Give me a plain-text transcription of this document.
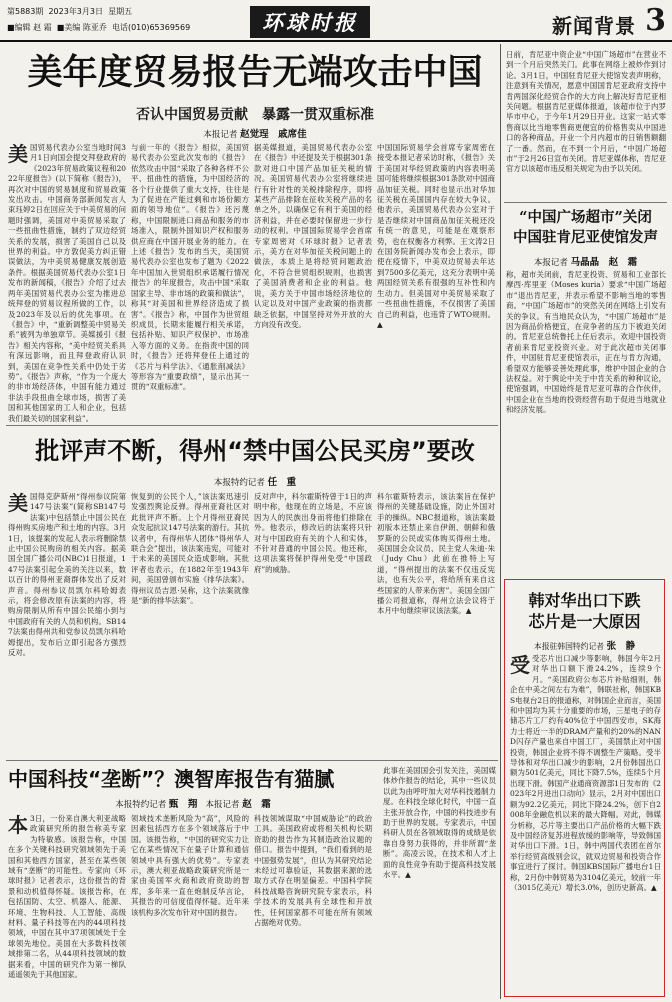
第5883期 2023年3月3日 星期五
■编辑 赵 霜 ■美编 陈亚乔 电话(010)65369569	环球时报	新闻背景 3
美年度贸易报告无端攻击中国
否认中国贸易贡献　暴露一贯双重标准
本报记者 赵觉珵　戚席佳
美国贸易代表办公室当地时间3月1日向国会提交拜登政府的《2023年贸易政策议程和2022年度报告》(以下简称《报告》)，再次对中国的贸易制度和贸易政策发出攻击。中国商务部新闻发言人束珏婷2日在回应关于中美贸易的问题时强调，美国对中美贸易采取了一些扭曲性措施，制约了双边经贸关系的发展，损害了美国自己以及世界的利益。中方敦促美方纠正错误做法，为中美贸易健康发展创造条件。根据美国贸易代表办公室1日发布的新闻稿，《报告》介绍了过去两年美国贸易代表办公室为推进总统拜登的贸易议程所做的工作，以及2023年及以后的优先事项。在《报告》中，“重新调整美中贸易关系”被列为单独章节。美媒援引《报告》相关内容称，“美中经贸关系具有深远影响，而且拜登政府认识到，美国在竞争性关系中仍处于劣势”。《报告》声称，“作为一个庞大的非市场经济体，中国有能力通过非法手段扭曲全球市场，损害了美国和其他国家的工人和企业，包括我们最关切的国家利益”。
与前一年的《报告》相似，美国贸易代表办公室此次发布的《报告》依然攻击中国“采取了各种各样不公平、扭曲性的措施，为中国经济的各个行业提供了重大支持，往往是为了促进在产能过剩和市场份额方面的领导地位”。《报告》还污蔑称，中国限制进口商品和服务的市场准入，限制外国知识产权和服务供应商在中国开展业务的能力。在上述《报告》发布的当天，美国贸易代表办公室也发布了题为《2022年中国加入世贸组织承诺履行情况报告》的年度报告，攻击中国“采取国家主导、非市场的政策和做法”，称其“对美国和世界经济造成了损害”。《报告》称，中国作为世贸组织成员，长期未能履行相关承诺，包括补贴、知识产权保护、市场准入等方面的义务。在指责中国的同时，《报告》还将拜登任上通过的《芯片与科学法》、《通胀削减法》等形容为“重要政绩”，显示出其一贯的“双重标准”。
据美媒报道，美国贸易代表办公室在《报告》中还提及关于根据301条款对进口中国产品加征关税的情况。美国贸易代表办公室将继续进行有针对性的关税排除程序，即将某些产品排除在征收关税产品的名单之外，以确保它有利于美国的经济利益，并在必要时保留进一步行动的权利。中国国际贸易学会首席专家周密对《环球时报》记者表示，美方在对华加征关税问题上的做法，本质上是将经贸问题政治化，不符合世贸组织规则，也损害了美国消费者和企业的利益。他说，美方关于中国市场经济地位的认定以及对中国产业政策的指责都缺乏依据，中国坚持对外开放的大方向没有改变。
中国国际贸易学会首席专家周密在接受本报记者采访时称，《报告》关于美国对华经贸政策的内容表明美国可能将继续根据301条款对中国商品加征关税。同时也显示出对华加征关税在美国国内存在较大争议。他表示，美国贸易代表办公室对于是否继续对中国商品加征关税还没有统一的意见，可能是在观察形势，也在权衡各方利弊。王文涛2日在国务院新闻办发布会上表示，即使在疫情下，中美双边贸易去年达到7500多亿美元，这充分表明中美两国经贸关系有很强的互补性和内生动力。但美国对中美贸易采取了一些扭曲性措施，不仅损害了美国自己的利益，也违背了WTO规则。▲
批评声不断，得州“禁中国公民买房”要改
本报特约记者 任　重
美国得克萨斯州“得州参议院第147号法案”(简称SB147号法案)中包括禁止中国公民在得州购买房地产和土地的内容。3月1日，该提案的发起人表示将删除禁止中国公民购房的相关内容。据美国全国广播公司(NBC)1日报道，147号法案引起全美的关注以来，数以百计的得州亚裔群体发出了反对声音。得州参议员凯尔科哈姆表示，将会修改原有法案的内容，将购房限制从所有中国公民缩小到与中国政府有关的人员和机构。SB147法案由得州共和党参议员凯尔科哈姆提出，发布后立即引起各方强烈反对。
恢复到的公民个人，”该法案迅速引发强烈舆论反弹。得州亚裔社区对此批评声不断。上个月得州亚裔民众发起抗议147号法案的游行。其抗议者中，有得州华人团体“得州华人联合会”提出，该法案违宪，可能对于未来的美国民众造成影响。其批评者也表示，在1882年至1943年间，美国曾颁布实施《排华法案》。得州议员吉恩·吴称，这个法案就像是“新的排华法案”。
反对声中，科尔霍斯特曾于1日的声明中称，他现在的立场是，不应该因为人的民族出身而将他们排除在外。他表示，修改后的法案将只针对与中国政府有关的个人和实体，不针对普通的中国公民。他还称，这项法案将保护得州免受“中国政府”的威胁。
科尔霍斯特表示，该法案旨在保护得州的关键基础设施，防止外国对手的操纵。NBC报道称，该法案最初版本还禁止来自伊朗、朝鲜和俄罗斯的公民或实体购买得州土地。美国国会众议员、民主党人朱迪·朱（Judy Chu）此前在推特上写道，“得州提出的法案不仅违反宪法，也有失公平，将给所有来自这些国家的人带来伤害”。美国全国广播公司报道称，得州立法会议将于本月中旬继续审议该法案。▲
中国科技“垄断”？澳智库报告有猫腻
本报特约记者 甄　翔 本报记者 赵　霜
本 3日，一份来自澳大利亚战略政策研究所的报告称美专家为特敏感。该报告称，中国在多个关键科技研究领域领先于美国和其他西方国家，甚至在某些领域有“垄断”的可能性。专家向《环球时报》记者表示，这份报告的背景和动机值得怀疑。该报告称，在包括国防、太空、机器人、能源、环境、生物科技、人工智能、高级材料、量子科技等在内的44项科技领域，中国在其中37项领域处于全球领先地位。美国在大多数科技领域排第二名，从44项科技领域的数据来看，中国的研究作为第一梯队遥遥领先于其他国家。
领域技术垄断风险为“高”，风险的因素包括西方在多个领域落后于中国。该报告称，“中国的研究实力让它在某些情况下在量子计算和通信领域中具有强大的优势”。专家表示，澳大利亚战略政策研究所是一家由美国军火商和政府资助的智库，多年来一直在炮制反华言论，其报告的可信度值得怀疑。近年来该机构多次发布针对中国的报告。
科技领域谋取“中国威胁论”的政治工具。美国政府或将相关机构长期资助的报告作为其制造政治议题的借口。报告中提到，“我们看到的是中国强势发展”，但认为其研究结论未经过可靠验证，其数据来源的选取方式存在明显偏差。中国科学院科技战略咨询研究院专家表示，科学技术的发展具有全球性和开放性，任何国家都不可能在所有领域占据绝对优势。
此事在美国国会引发关注，美国媒体炒作报告的结论，其中一些议员以此为由呼吁加大对华科技遏制力度。在科技全球化时代，中国一直主张开放合作，中国的科技进步有助于世界的发展。专家表示，中国科研人员在各领域取得的成绩是依靠自身努力获得的，并非所谓“垄断”。高凌云说，在技术和人才上面的良性竞争有助于提高科技发展水平。▲
日前，肯尼亚中资企业“中国广场超市”在营业不到一个月后突然关门。此事在网络上被炒作到讨论。3月1日，中国驻肯尼亚大使馆发表声明称，注意到有关情况，愿意中国国肯尼亚政府支持中肯两国深化经贸合作的大方向上解决好肯尼亚相关问题。根据肯尼亚媒体报道，该超市位于内罗毕市中心，于今年1月29日开业。这家一站式零售商以比当地零售商更便宜的价格售卖从中国进口的各种商品，开业一个月内超市的日销售额翻了一番。然而，在不到一个月后，“中国广场超市”于2月26日宣布关闭。肯尼亚媒体称，肯尼亚官方以该超市违反相关规定为由予以关闭。
“中国广场超市”关闭
中国驻肯尼亚使馆发声
本报记者 马晶晶　赵　霜
称，超市关闭前，肯尼亚投资、贸易和工业部长摩西·库里亚（Moses kuria）要求“中国广场超市”退出肯尼亚，并表示希望不影响当地的零售商。“中国广场超市”的突然关闭在网络上引发有关的争议。有当地民众认为，“中国广场超市”是因为商品价格便宜，在竞争者的压力下被迫关闭的。肯尼亚总统鲁托上任后表示，欢迎中国投资者前来肯尼亚投资兴业。对于此次超市关闭事件，中国驻肯尼亚使馆表示，正在与肯方沟通，希望双方能够妥善处理此事，维护中国企业的合法权益。对于舆论中关于中肯关系的种种议论，使馆强调，中国始终是肯尼亚可靠的合作伙伴，中国企业在当地的投资经营有助于促进当地就业和经济发展。
韩对华出口下跌
芯片是一大原因
本报驻韩国特约记者 张　静
受受芯片出口减少等影响，韩国今年2月对华出口额下滑24.2%，连续9个月。“美国政府公布芯片补贴细则，韩企在中美之间左右为难”，韩联社称，韩国KBS电视台2日的报道称，对韩国企业而言，美国和中国均为其十分重要的市场，三星电子的存储芯片工厂约有40%位于中国西安市，SK海力士将近一半的DRAM产量和约20%的NAND闪存产量也来自中国工厂，美国禁止对中国投资，韩国企业将不得不调整生产策略。受半导体和对华出口减少的影响，2月份韩国出口额为501亿美元，同比下降7.5%，连续5个月出现下滑。韩国产业通商资源部1日发布的《2023年2月进出口动向》显示，2月对中国出口额为92.2亿美元，同比下降24.2%，创下自2008年金融危机以来的最大降幅。对此，韩媒分析称，芯片等主要出口产品价格的大幅下跌及中国经济复苏进程放缓的影响等，导致韩国对华出口下滑。1日，韩中两国代表团在首尔举行经贸高级别会议，就双边贸易和投资合作事宜进行了探讨。韩国KBS国际广播电台1日称，2月份中韩贸易为3104亿美元，较前一年（3015亿美元）增长3.0%，创历史新高。▲
